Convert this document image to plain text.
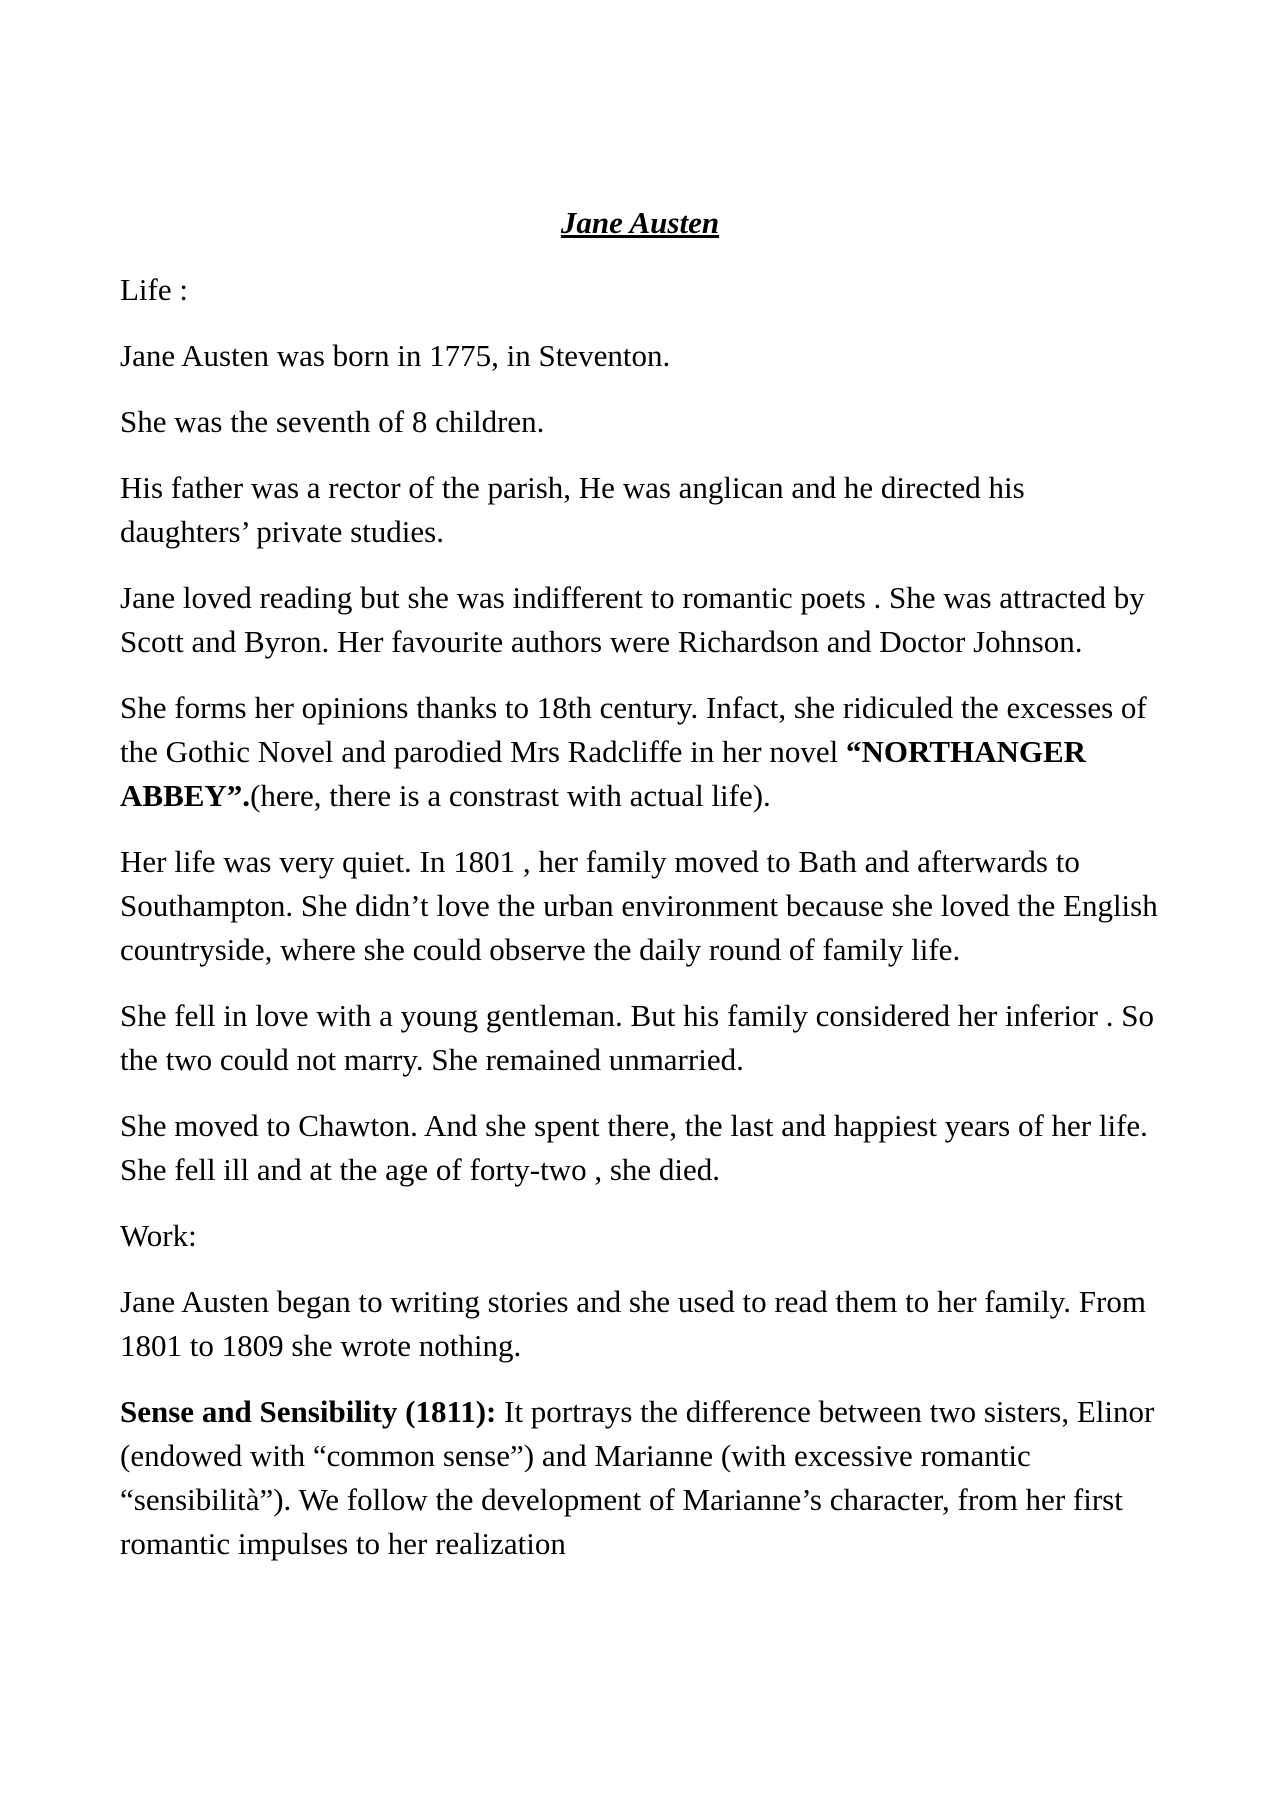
Jane Austen

Life :

Jane Austen was born in 1775, in Steventon.

She was the seventh of 8 children.

His father was a rector of the parish, He was anglican and he directed his daughters’ private studies.

Jane loved reading but she was indifferent to romantic poets . She was attracted by Scott and Byron. Her favourite authors were Richardson and Doctor Johnson.

She forms her opinions thanks to 18th century. Infact, she ridiculed the excesses of the Gothic Novel and parodied Mrs Radcliffe in her novel “NORTHANGER ABBEY”.(here, there is a constrast with actual life).

Her life was very quiet. In 1801 , her family moved to Bath and afterwards to Southampton. She didn’t love the urban environment because she loved the English countryside, where she could observe the daily round of family life.

She fell in love with a young gentleman. But his family considered her inferior . So the two could not marry. She remained unmarried.

She moved to Chawton. And she spent there, the last and happiest years of her life. She fell ill and at the age of forty-two , she died.

Work:

Jane Austen began to writing stories and she used to read them to her family. From 1801 to 1809 she wrote nothing.

Sense and Sensibility (1811): It portrays the difference between two sisters, Elinor (endowed with “common sense”) and Marianne (with excessive romantic “sensibilità”). We follow the development of Marianne’s character, from her first romantic impulses to her realization
